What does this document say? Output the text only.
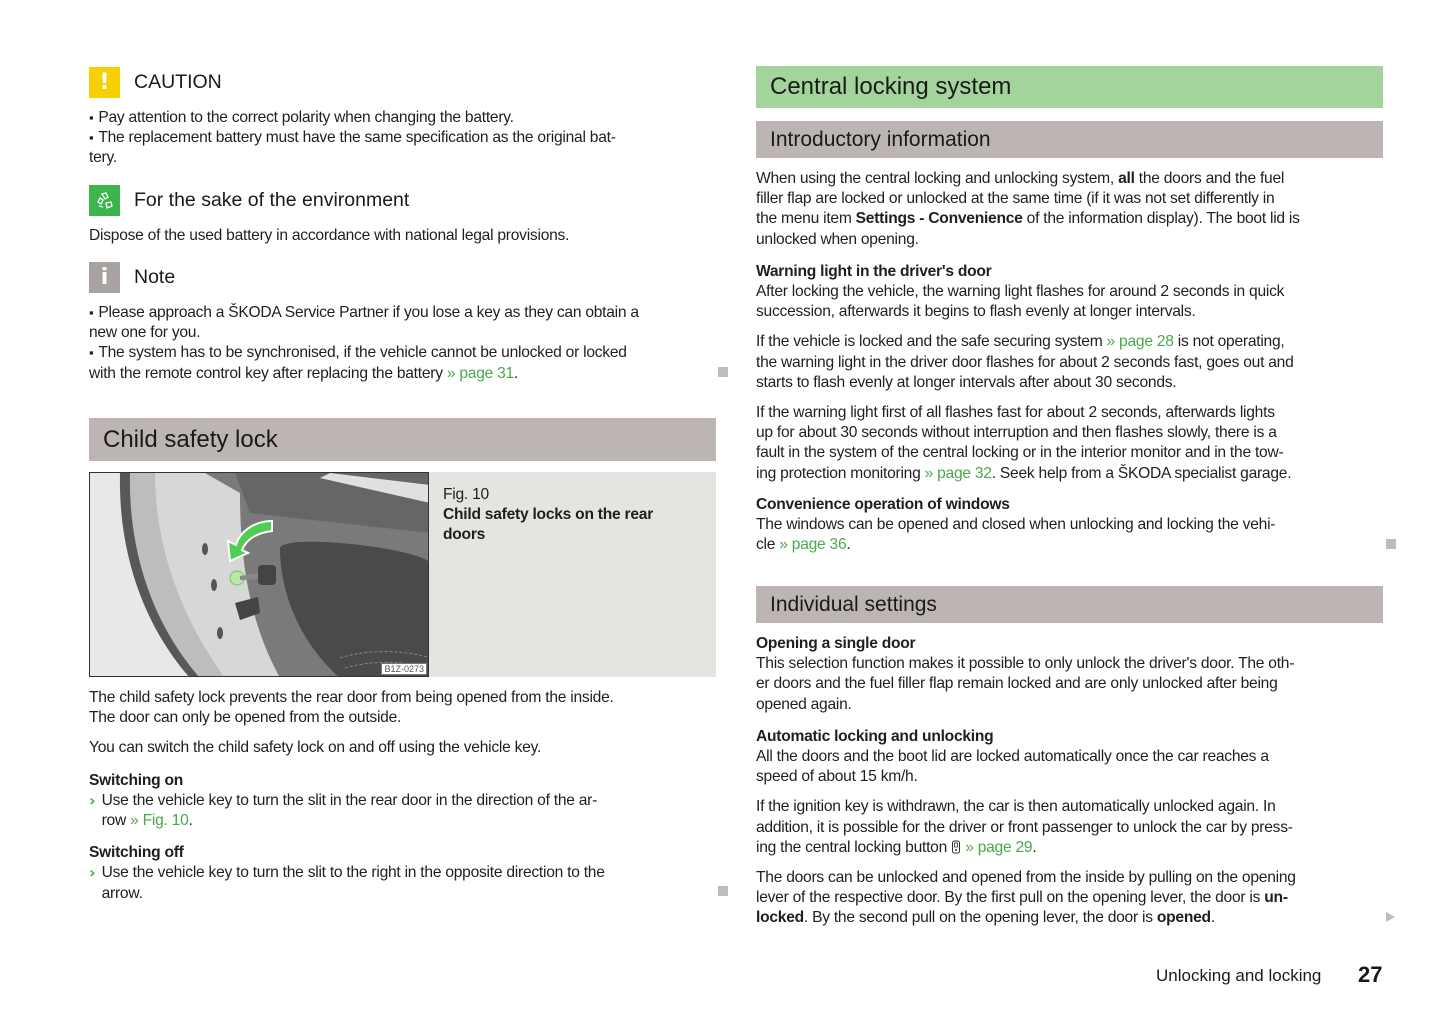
!	CAUTION

▪ Pay attention to the correct polarity when changing the battery.

▪ The replacement battery must have the same specification as the original bat-

tery.

For the sake of the environment

Dispose of the used battery in accordance with national legal provisions.

i	Note

▪ Please approach a ŠKODA Service Partner if you lose a key as they can obtain a

new one for you.

▪ The system has to be synchronised, if the vehicle cannot be unlocked or locked

with the remote control key after replacing the battery » page 31.

Child safety lock
B1Z-0273

Fig. 10

Child safety locks on the rear

doors

The child safety lock prevents the rear door from being opened from the inside.

The door can only be opened from the outside.

You can switch the child safety lock on and off using the vehicle key.

Switching on

› Use the vehicle key to turn the slit in the rear door in the direction of the ar-

row » Fig. 10.

Switching off

› Use the vehicle key to turn the slit to the right in the opposite direction to the

arrow.

Central locking system
Introductory information

When using the central locking and unlocking system, all the doors and the fuel

filler flap are locked or unlocked at the same time (if it was not set differently in

the menu item Settings - Convenience of the information display). The boot lid is

unlocked when opening.

Warning light in the driver's door

After locking the vehicle, the warning light flashes for around 2 seconds in quick

succession, afterwards it begins to flash evenly at longer intervals.

If the vehicle is locked and the safe securing system » page 28 is not operating,

the warning light in the driver door flashes for about 2 seconds fast, goes out and

starts to flash evenly at longer intervals after about 30 seconds.

If the warning light first of all flashes fast for about 2 seconds, afterwards lights

up for about 30 seconds without interruption and then flashes slowly, there is a

fault in the system of the central locking or in the interior monitor and in the tow-

ing protection monitoring » page 32. Seek help from a ŠKODA specialist garage.

Convenience operation of windows

The windows can be opened and closed when unlocking and locking the vehi-

cle » page 36.

Individual settings

Opening a single door

This selection function makes it possible to only unlock the driver's door. The oth-

er doors and the fuel filler flap remain locked and are only unlocked after being

opened again.

Automatic locking and unlocking

All the doors and the boot lid are locked automatically once the car reaches a

speed of about 15 km/h.

If the ignition key is withdrawn, the car is then automatically unlocked again. In

addition, it is possible for the driver or front passenger to unlock the car by press-

ing the central locking button  » page 29.

The doors can be unlocked and opened from the inside by pulling on the opening

lever of the respective door. By the first pull on the opening lever, the door is un-

locked. By the second pull on the opening lever, the door is opened.

Unlocking and locking 27
